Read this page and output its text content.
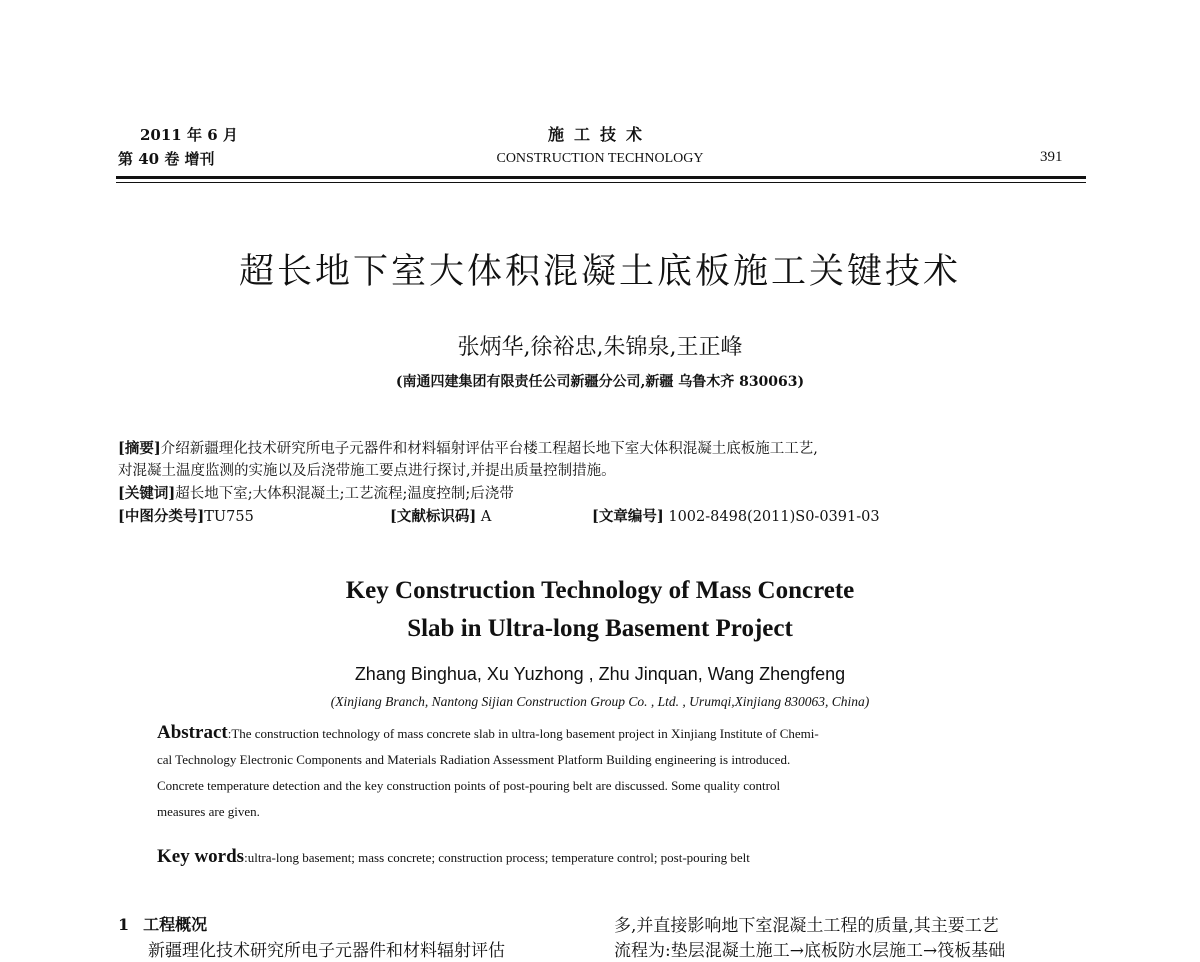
2011 年 6 月
第 40 卷 增刊
施工技术
CONSTRUCTION TECHNOLOGY	391
超长地下室大体积混凝土底板施工关键技术
张炳华,徐裕忠,朱锦泉,王正峰
(南通四建集团有限责任公司新疆分公司,新疆 乌鲁木齐 830063)
[摘要]介绍新疆理化技术研究所电子元器件和材料辐射评估平台楼工程超长地下室大体积混凝土底板施工工艺,
对混凝土温度监测的实施以及后浇带施工要点进行探讨,并提出质量控制措施。
[关键词]超长地下室;大体积混凝土;工艺流程;温度控制;后浇带
[中图分类号]TU755	[文献标识码] A	[文章编号] 1002-8498(2011)S0-0391-03
Key Construction Technology of Mass Concrete
Slab in Ultra-long Basement Project
Zhang Binghua, Xu Yuzhong , Zhu Jinquan, Wang Zhengfeng
(Xinjiang Branch, Nantong Sijian Construction Group Co. , Ltd. , Urumqi,Xinjiang 830063, China)
Abstract:The construction technology of mass concrete slab in ultra-long basement project in Xinjiang Institute of Chemi-
cal Technology Electronic Components and Materials Radiation Assessment Platform Building engineering is introduced.
Concrete temperature detection and the key construction points of post-pouring belt are discussed. Some quality control
measures are given.
Key words:ultra-long basement; mass concrete; construction process; temperature control; post-pouring belt
1 工程概况
新疆理化技术研究所电子元器件和材料辐射评估
多,并直接影响地下室混凝土工程的质量,其主要工艺
流程为:垫层混凝土施工→底板防水层施工→筏板基础
